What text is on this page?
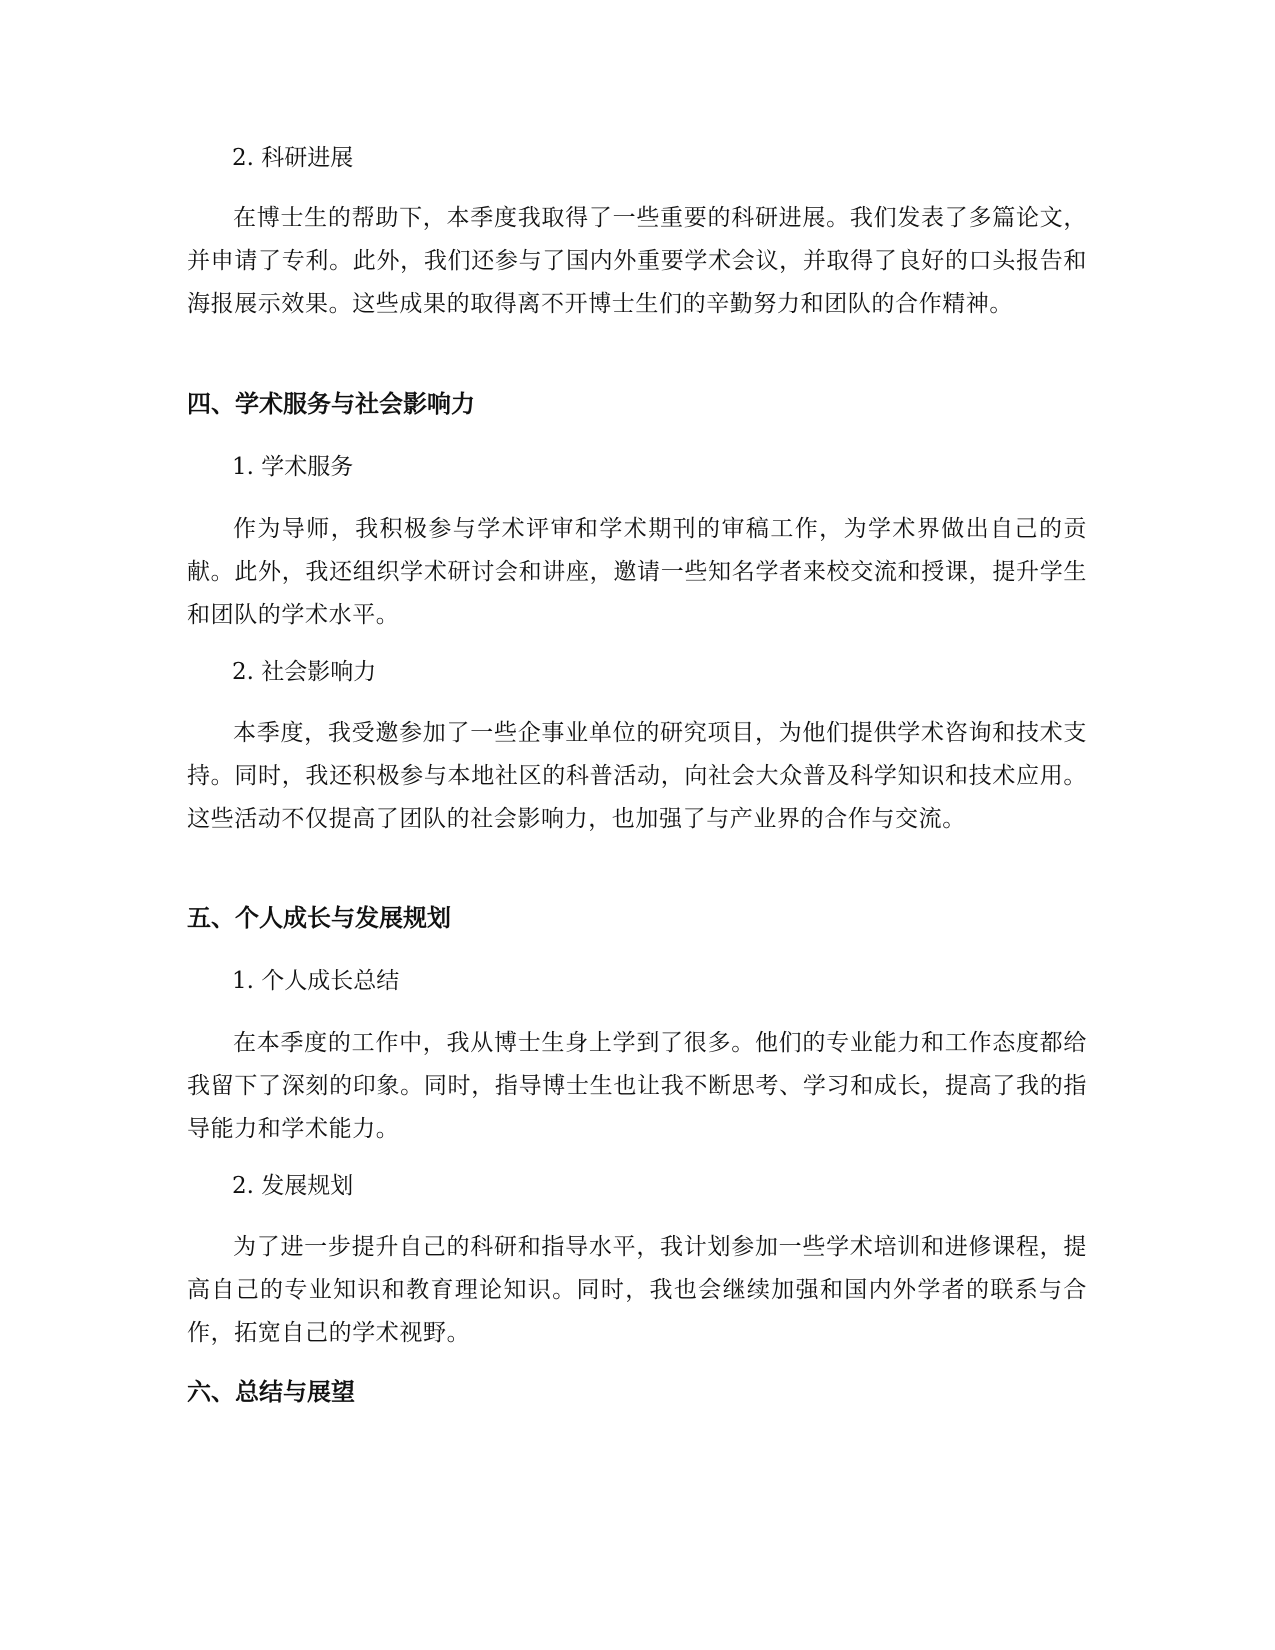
2. 科研进展

在博士生的帮助下，本季度我取得了一些重要的科研进展。我们发表了多篇论文，并申请了专利。此外，我们还参与了国内外重要学术会议，并取得了良好的口头报告和海报展示效果。这些成果的取得离不开博士生们的辛勤努力和团队的合作精神。

四、学术服务与社会影响力

1. 学术服务

作为导师，我积极参与学术评审和学术期刊的审稿工作，为学术界做出自己的贡献。此外，我还组织学术研讨会和讲座，邀请一些知名学者来校交流和授课，提升学生和团队的学术水平。

2. 社会影响力

本季度，我受邀参加了一些企事业单位的研究项目，为他们提供学术咨询和技术支持。同时，我还积极参与本地社区的科普活动，向社会大众普及科学知识和技术应用。这些活动不仅提高了团队的社会影响力，也加强了与产业界的合作与交流。

五、个人成长与发展规划

1. 个人成长总结

在本季度的工作中，我从博士生身上学到了很多。他们的专业能力和工作态度都给我留下了深刻的印象。同时，指导博士生也让我不断思考、学习和成长，提高了我的指导能力和学术能力。

2. 发展规划

为了进一步提升自己的科研和指导水平，我计划参加一些学术培训和进修课程，提高自己的专业知识和教育理论知识。同时，我也会继续加强和国内外学者的联系与合作，拓宽自己的学术视野。

六、总结与展望
